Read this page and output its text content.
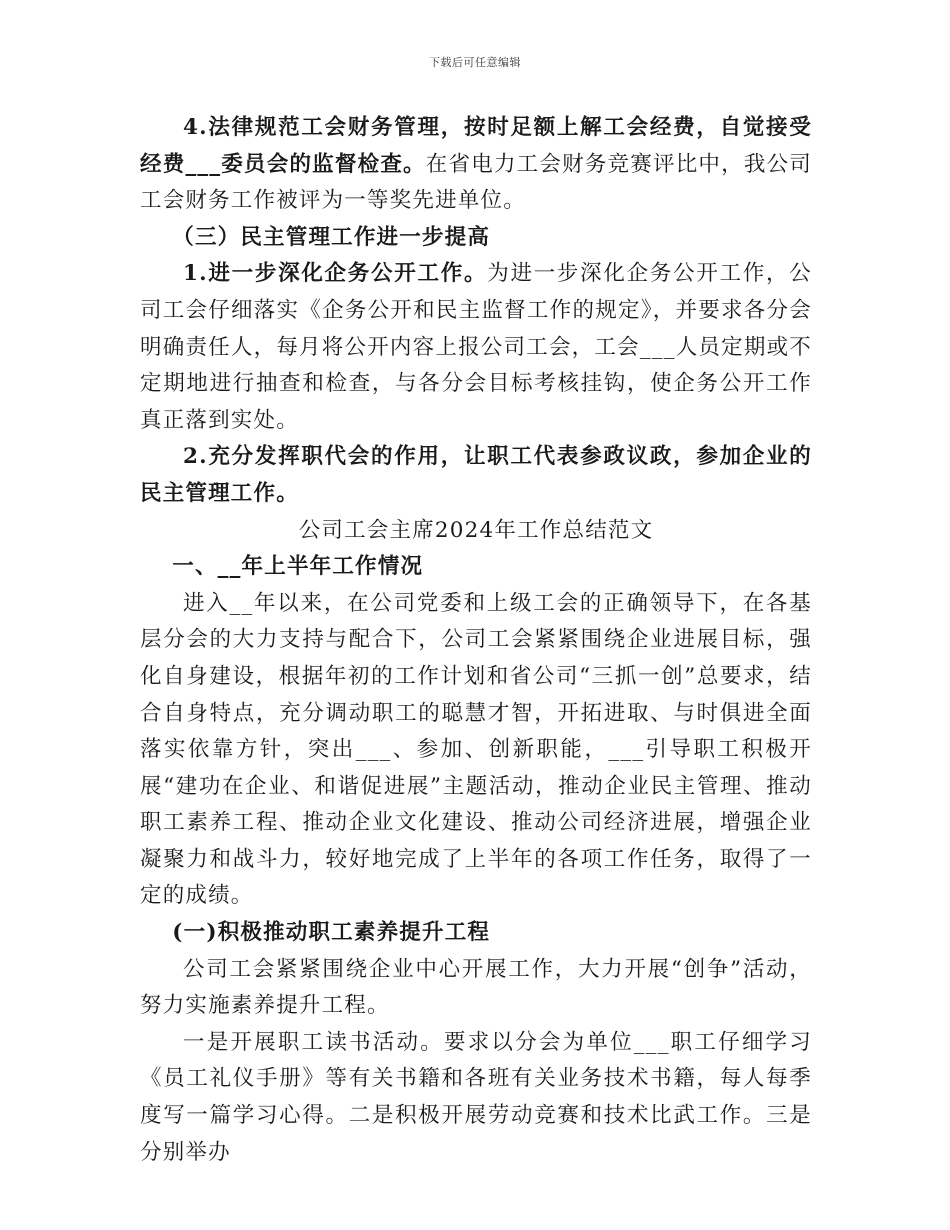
下载后可任意编辑

4.法律规范工会财务管理，按时足额上解工会经费，自觉接受经费___委员会的监督检查。在省电力工会财务竞赛评比中，我公司工会财务工作被评为一等奖先进单位。

（三）民主管理工作进一步提高

1.进一步深化企务公开工作。为进一步深化企务公开工作，公司工会仔细落实《企务公开和民主监督工作的规定》，并要求各分会明确责任人，每月将公开内容上报公司工会，工会___人员定期或不定期地进行抽查和检查，与各分会目标考核挂钩，使企务公开工作真正落到实处。

2.充分发挥职代会的作用，让职工代表参政议政，参加企业的民主管理工作。

公司工会主席2024年工作总结范文

一、__年上半年工作情况

进入__年以来，在公司党委和上级工会的正确领导下，在各基层分会的大力支持与配合下，公司工会紧紧围绕企业进展目标，强化自身建设，根据年初的工作计划和省公司“三抓一创”总要求，结合自身特点，充分调动职工的聪慧才智，开拓进取、与时俱进全面落实依靠方针，突出___、参加、创新职能，___引导职工积极开展“建功在企业、和谐促进展”主题活动，推动企业民主管理、推动职工素养工程、推动企业文化建设、推动公司经济进展，增强企业凝聚力和战斗力，较好地完成了上半年的各项工作任务，取得了一定的成绩。

(一)积极推动职工素养提升工程

公司工会紧紧围绕企业中心开展工作，大力开展“创争”活动，努力实施素养提升工程。

一是开展职工读书活动。要求以分会为单位___职工仔细学习《员工礼仪手册》等有关书籍和各班有关业务技术书籍，每人每季度写一篇学习心得。二是积极开展劳动竞赛和技术比武工作。三是分别举办
